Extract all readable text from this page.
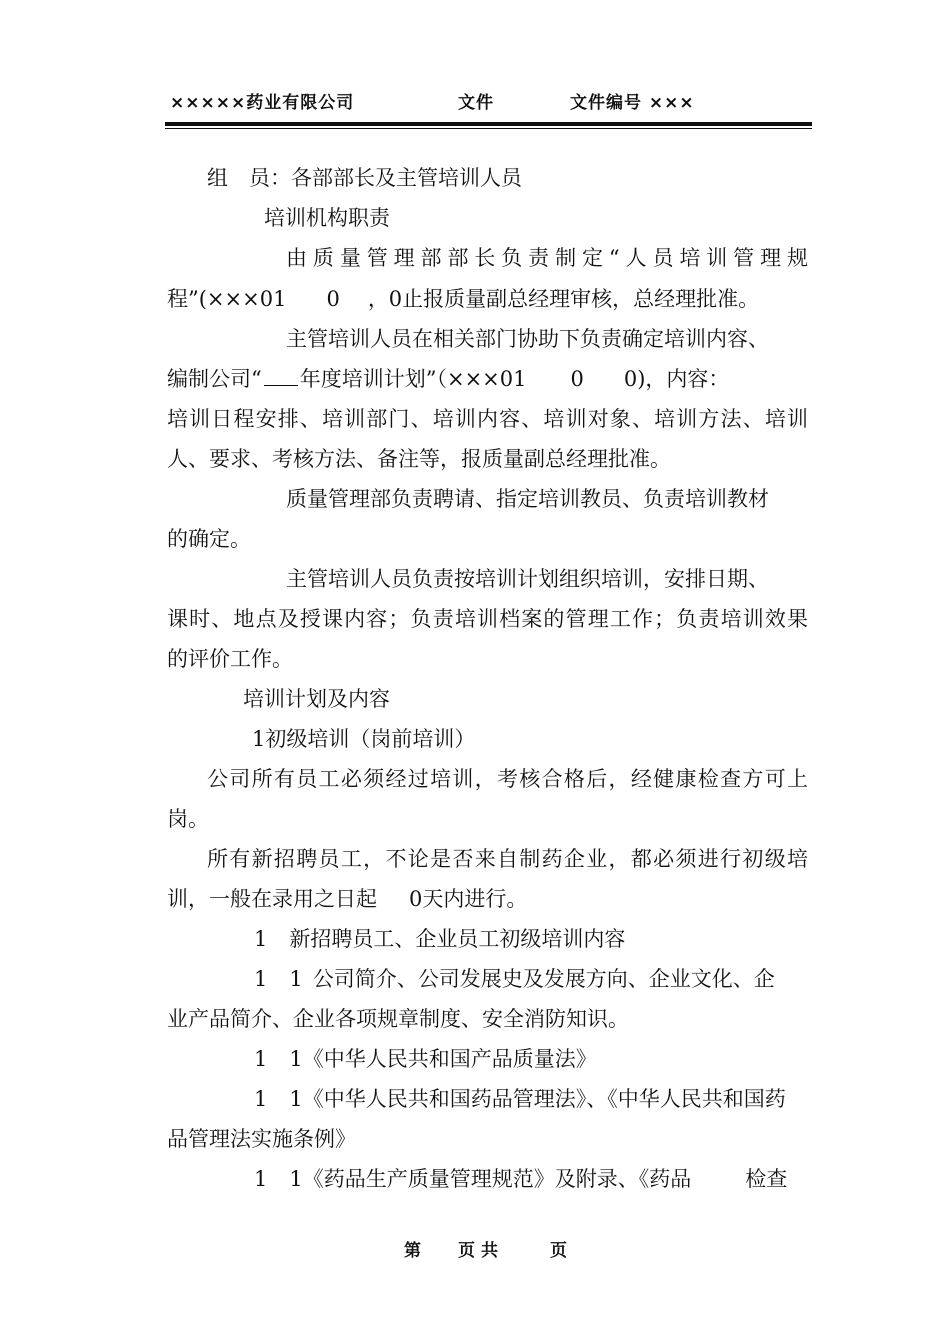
×××××药业有限公司	文件	文件编号 ×××
组　员：各部部长及主管培训人员
培训机构职责
由质量管理部部长负责制定“人员培训管理规
程”(×××01 0 ，0止报质量副总经理审核，总经理批准。
主管培训人员在相关部门协助下负责确定培训内容、
编制公司“ 年度培训计划”（×××01 0 0)，内容：
培训日程安排、培训部门、培训内容、培训对象、培训方法、培训
人、要求、考核方法、备注等，报质量副总经理批准。
质量管理部负责聘请、指定培训教员、负责培训教材
的确定。
主管培训人员负责按培训计划组织培训，安排日期、
课时、地点及授课内容；负责培训档案的管理工作；负责培训效果
的评价工作。
培训计划及内容
1初级培训（岗前培训）
公司所有员工必须经过培训，考核合格后，经健康检查方可上
岗。
所有新招聘员工，不论是否来自制药企业，都必须进行初级培
训，一般在录用之日起 0天内进行。
1 新招聘员工、企业员工初级培训内容
1 1 公司简介、公司发展史及发展方向、企业文化、企
业产品简介、企业各项规章制度、安全消防知识。
1 1《中华人民共和国产品质量法》
1 1《中华人民共和国药品管理法》、《中华人民共和国药
品管理法实施条例》
1 1《药品生产质量管理规范》及附录、《药品	检查
第 页共	页
